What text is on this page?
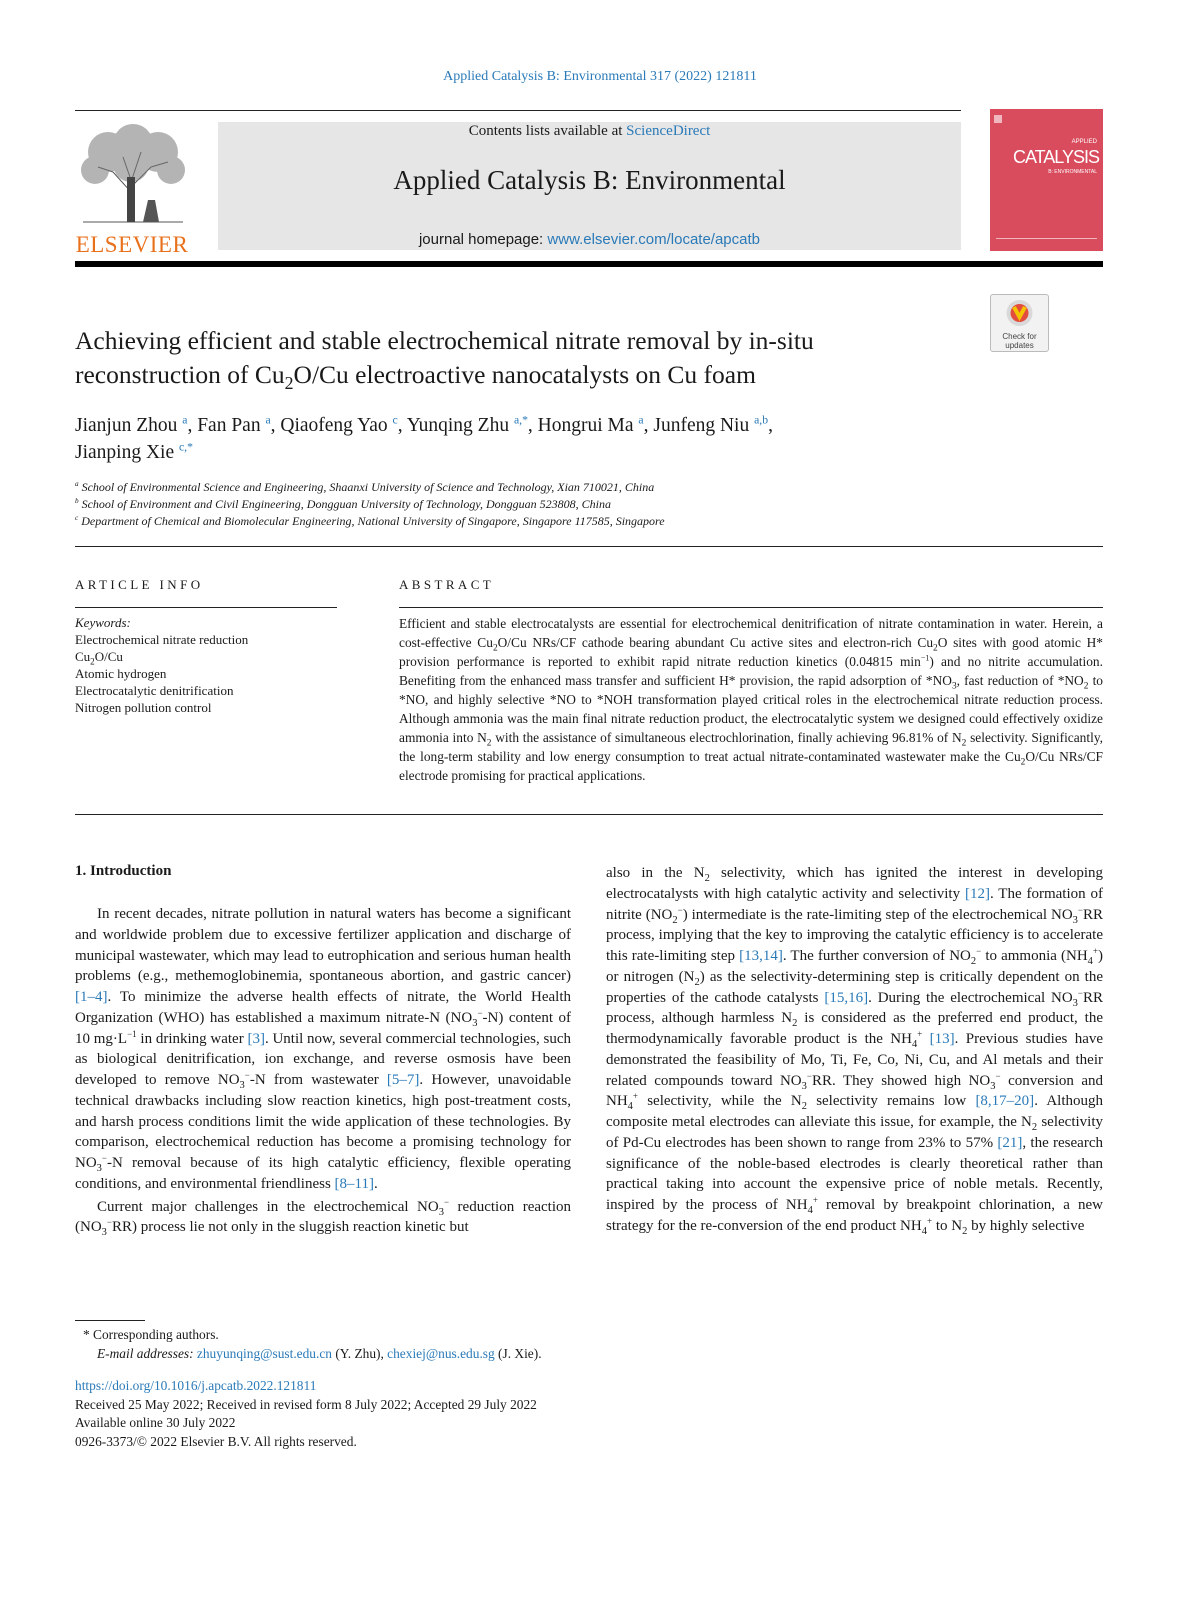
Applied Catalysis B: Environmental 317 (2022) 121811
ELSEVIER
Contents lists available at ScienceDirect
Applied Catalysis B: Environmental
journal homepage: www.elsevier.com/locate/apcatb
APPLIED
CATALYSIS
B: ENVIRONMENTAL
Achieving efficient and stable electrochemical nitrate removal by in-situ
reconstruction of $Cu_2O/Cu$ electroactive nanocatalysts on Cu foam
Check for
updates
Jianjun Zhou $^a$, Fan Pan $^a$, Qiaofeng Yao $^c$, Yunqing Zhu $^{a,*}$, Hongrui Ma $^a$, Junfeng Niu $^{a,b}$,
Jianping Xie $^{c,*}$
$^a$ School of Environmental Science and Engineering, Shaanxi University of Science and Technology, Xian 710021, China
$^b$ School of Environment and Civil Engineering, Dongguan University of Technology, Dongguan 523808, China
$^c$ Department of Chemical and Biomolecular Engineering, National University of Singapore, Singapore 117585, Singapore
ARTICLE INFO	ABSTRACT
Keywords:
Electrochemical nitrate reduction
$Cu_2O/Cu$
Atomic hydrogen
Electrocatalytic denitrification
Nitrogen pollution control
Efficient and stable electrocatalysts are essential for electrochemical denitrification of nitrate contamination in water. Herein, a cost-effective $Cu_2O/Cu$ NRs/CF cathode bearing abundant Cu active sites and electron-rich $Cu_2O$ sites with good atomic H* provision performance is reported to exhibit rapid nitrate reduction kinetics (0.04815 $\min^{-1}$) and no nitrite accumulation. Benefiting from the enhanced mass transfer and sufficient H* provision, the rapid adsorption of $*NO_3$, fast reduction of $*NO_2$ to *NO, and highly selective *NO to *NOH transformation played critical roles in the electrochemical nitrate reduction process. Although ammonia was the main final nitrate reduction product, the electrocatalytic system we designed could effectively oxidize ammonia into $N_2$ with the assistance of simultaneous electrochlorination, finally achieving 96.81% of $N_2$ selectivity. Significantly, the long-term stability and low energy consumption to treat actual nitrate-contaminated wastewater make the $Cu_2O/Cu$ NRs/CF electrode promising for practical applications.
1. Introduction

In recent decades, nitrate pollution in natural waters has become a significant and worldwide problem due to excessive fertilizer application and discharge of municipal wastewater, which may lead to eutrophication and serious human health problems (e.g., methemoglobinemia, spontaneous abortion, and gastric cancer) [1–4]. To minimize the adverse health effects of nitrate, the World Health Organization (WHO) has established a maximum nitrate-N $(NO_3^--N)$ content of 10 $mg\cdot L^{-1}$ in drinking water [3]. Until now, several commercial technologies, such as biological denitrification, ion exchange, and reverse osmosis have been developed to remove $NO_3^--N$ from wastewater [5–7]. However, unavoidable technical drawbacks including slow reaction kinetics, high post-treatment costs, and harsh process conditions limit the wide application of these technologies. By comparison, electrochemical reduction has become a promising technology for $NO_3^--N$ removal because of its high catalytic efficiency, flexible operating conditions, and environmental friendliness [8–11].

Current major challenges in the electrochemical $NO_3^-$ reduction reaction $(NO_3^-RR)$ process lie not only in the sluggish reaction kinetic but

also in the $N_2$ selectivity, which has ignited the interest in developing electrocatalysts with high catalytic activity and selectivity [12]. The formation of nitrite $(NO_2^-)$ intermediate is the rate-limiting step of the electrochemical $NO_3^-RR$ process, implying that the key to improving the catalytic efficiency is to accelerate this rate-limiting step [13,14]. The further conversion of $NO_2^-$ to ammonia $(NH_4^+)$ or nitrogen $(N_2)$ as the selectivity-determining step is critically dependent on the properties of the cathode catalysts [15,16]. During the electrochemical $NO_3^-RR$ process, although harmless $N_2$ is considered as the preferred end product, the thermodynamically favorable product is the $NH_4^+$ [13]. Previous studies have demonstrated the feasibility of Mo, Ti, Fe, Co, Ni, Cu, and Al metals and their related compounds toward $NO_3^-RR$. They showed high $NO_3^-$ conversion and $NH_4^+$ selectivity, while the $N_2$ selectivity remains low [8,17–20]. Although composite metal electrodes can alleviate this issue, for example, the $N_2$ selectivity of Pd-Cu electrodes has been shown to range from 23% to 57% [21], the research significance of the noble-based electrodes is clearly theoretical rather than practical taking into account the expensive price of noble metals. Recently, inspired by the process of $NH_4^+$ removal by breakpoint chlorination, a new strategy for the re-conversion of the end product $NH_4^+$ to $N_2$ by highly selective

* Corresponding authors.
E-mail addresses: zhuyunqing@sust.edu.cn (Y. Zhu), chexiej@nus.edu.sg (J. Xie).
https://doi.org/10.1016/j.apcatb.2022.121811
Received 25 May 2022; Received in revised form 8 July 2022; Accepted 29 July 2022
Available online 30 July 2022
0926-3373/© 2022 Elsevier B.V. All rights reserved.
